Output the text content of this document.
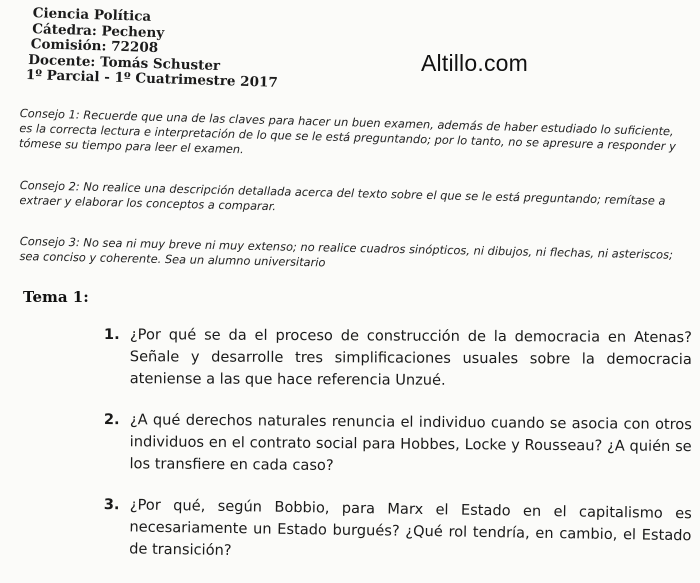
Ciencia Política
Cátedra: Pecheny
Comisión: 72208
Docente: Tomás Schuster
1º Parcial - 1º Cuatrimestre 2017
Altillo.com
Consejo 1: Recuerde que una de las claves para hacer un buen examen, además de haber estudiado lo suficiente, es la correcta lectura e interpretación de lo que se le está preguntando; por lo tanto, no se apresure a responder y tómese su tiempo para leer el examen.
Consejo 2: No realice una descripción detallada acerca del texto sobre el que se le está preguntando; remítase a extraer y elaborar los conceptos a comparar.
Consejo 3: No sea ni muy breve ni muy extenso; no realice cuadros sinópticos, ni dibujos, ni flechas, ni asteriscos; sea conciso y coherente. Sea un alumno universitario
Tema 1:
1. ¿Por qué se da el proceso de construcción de la democracia en Atenas? Señale y desarrolle tres simplificaciones usuales sobre la democracia ateniense a las que hace referencia Unzué.
2. ¿A qué derechos naturales renuncia el individuo cuando se asocia con otros individuos en el contrato social para Hobbes, Locke y Rousseau? ¿A quién se los transfiere en cada caso?
3. ¿Por qué, según Bobbio, para Marx el Estado en el capitalismo es necesariamente un Estado burgués? ¿Qué rol tendría, en cambio, el Estado de transición?
